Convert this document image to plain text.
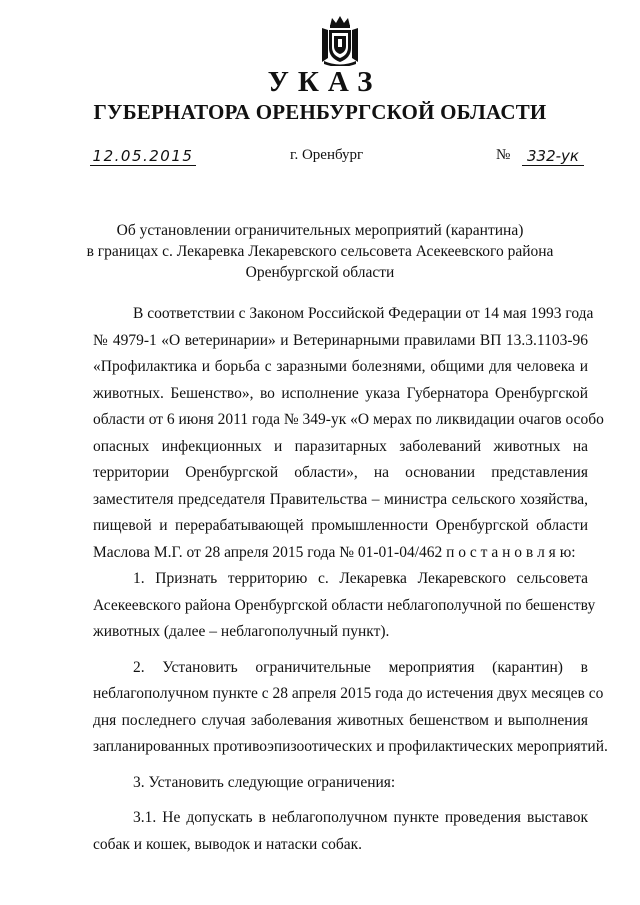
УКАЗ
ГУБЕРНАТОРА ОРЕНБУРГСКОЙ ОБЛАСТИ
12.05.2015	г. Оренбург	№	332-ук
Об установлении ограничительных мероприятий (карантина)
в границах с. Лекаревка Лекаревского сельсовета Асекеевского района
Оренбургской области
В соответствии с Законом Российской Федерации от 14 мая 1993 года
№ 4979-1 «О ветеринарии» и Ветеринарными правилами ВП 13.3.1103-96
«Профилактика и борьба с заразными болезнями, общими для человека и
животных. Бешенство», во исполнение указа Губернатора Оренбургской
области от 6 июня 2011 года № 349-ук «О мерах по ликвидации очагов особо
опасных инфекционных и паразитарных заболеваний животных на
территории Оренбургской области», на основании представления
заместителя председателя Правительства – министра сельского хозяйства,
пищевой и перерабатывающей промышленности Оренбургской области
Маслова М.Г. от 28 апреля 2015 года № 01-01-04/462 п о с т а н о в л я ю:
1. Признать территорию с. Лекаревка Лекаревского сельсовета
Асекеевского района Оренбургской области неблагополучной по бешенству
животных (далее – неблагополучный пункт).
2. Установить ограничительные мероприятия (карантин) в
неблагополучном пункте с 28 апреля 2015 года до истечения двух месяцев со
дня последнего случая заболевания животных бешенством и выполнения
запланированных противоэпизоотических и профилактических мероприятий.
3. Установить следующие ограничения:
3.1. Не допускать в неблагополучном пункте проведения выставок
собак и кошек, выводок и натаски собак.
